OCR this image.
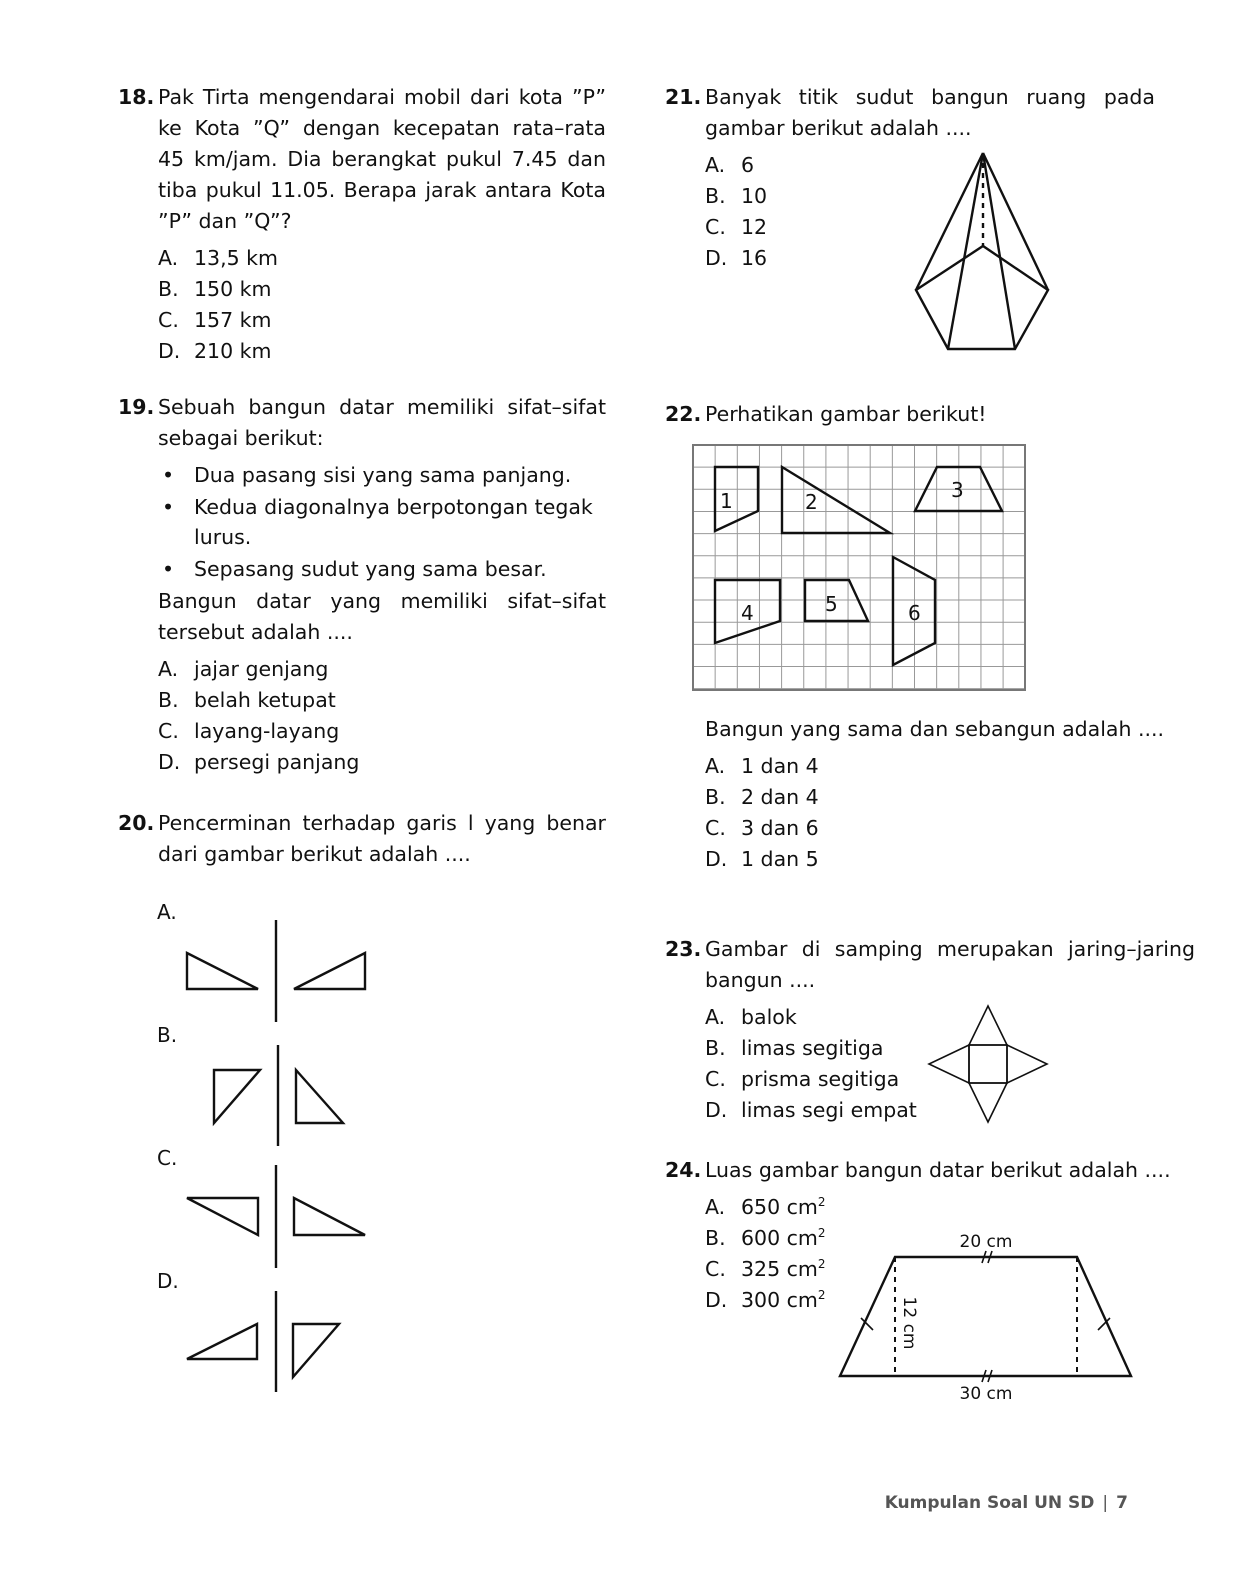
18. Pak Tirta mengendarai mobil dari kota ”P” ke Kota ”Q” dengan kecepatan rata–rata 45 km/jam. Dia berangkat pukul 7.45 dan tiba pukul 11.05. Berapa jarak antara Kota ”P” dan ”Q”?
A. 13,5 km
B. 150 km
C. 157 km
D. 210 km
19. Sebuah bangun datar memiliki sifat–sifat sebagai berikut:
• Dua pasang sisi yang sama panjang.
• Kedua diagonalnya berpotongan tegak lurus.
• Sepasang sudut yang sama besar.
Bangun datar yang memiliki sifat–sifat tersebut adalah ....
A. jajar genjang
B. belah ketupat
C. layang-layang
D. persegi panjang
20. Pencerminan terhadap garis l yang benar dari gambar berikut adalah ....
A.
B.
C.
D.
21. Banyak titik sudut bangun ruang pada gambar berikut adalah ....
A. 6
B. 10
C. 12
D. 16
22. Perhatikan gambar berikut!
1	2	3
4	5	6
Bangun yang sama dan sebangun adalah ....
A. 1 dan 4
B. 2 dan 4
C. 3 dan 6
D. 1 dan 5
23. Gambar di samping merupakan jaring–jaring bangun ....
A. balok
B. limas segitiga
C. prisma segitiga
D. limas segi empat
24. Luas gambar bangun datar berikut adalah ....
A. 650 $cm^2$
B. 600 $cm^2$
C. 325 $cm^2$
D. 300 $cm^2$
20 cm
30 cm
12 cm
Kumpulan Soal UN SD | 7
